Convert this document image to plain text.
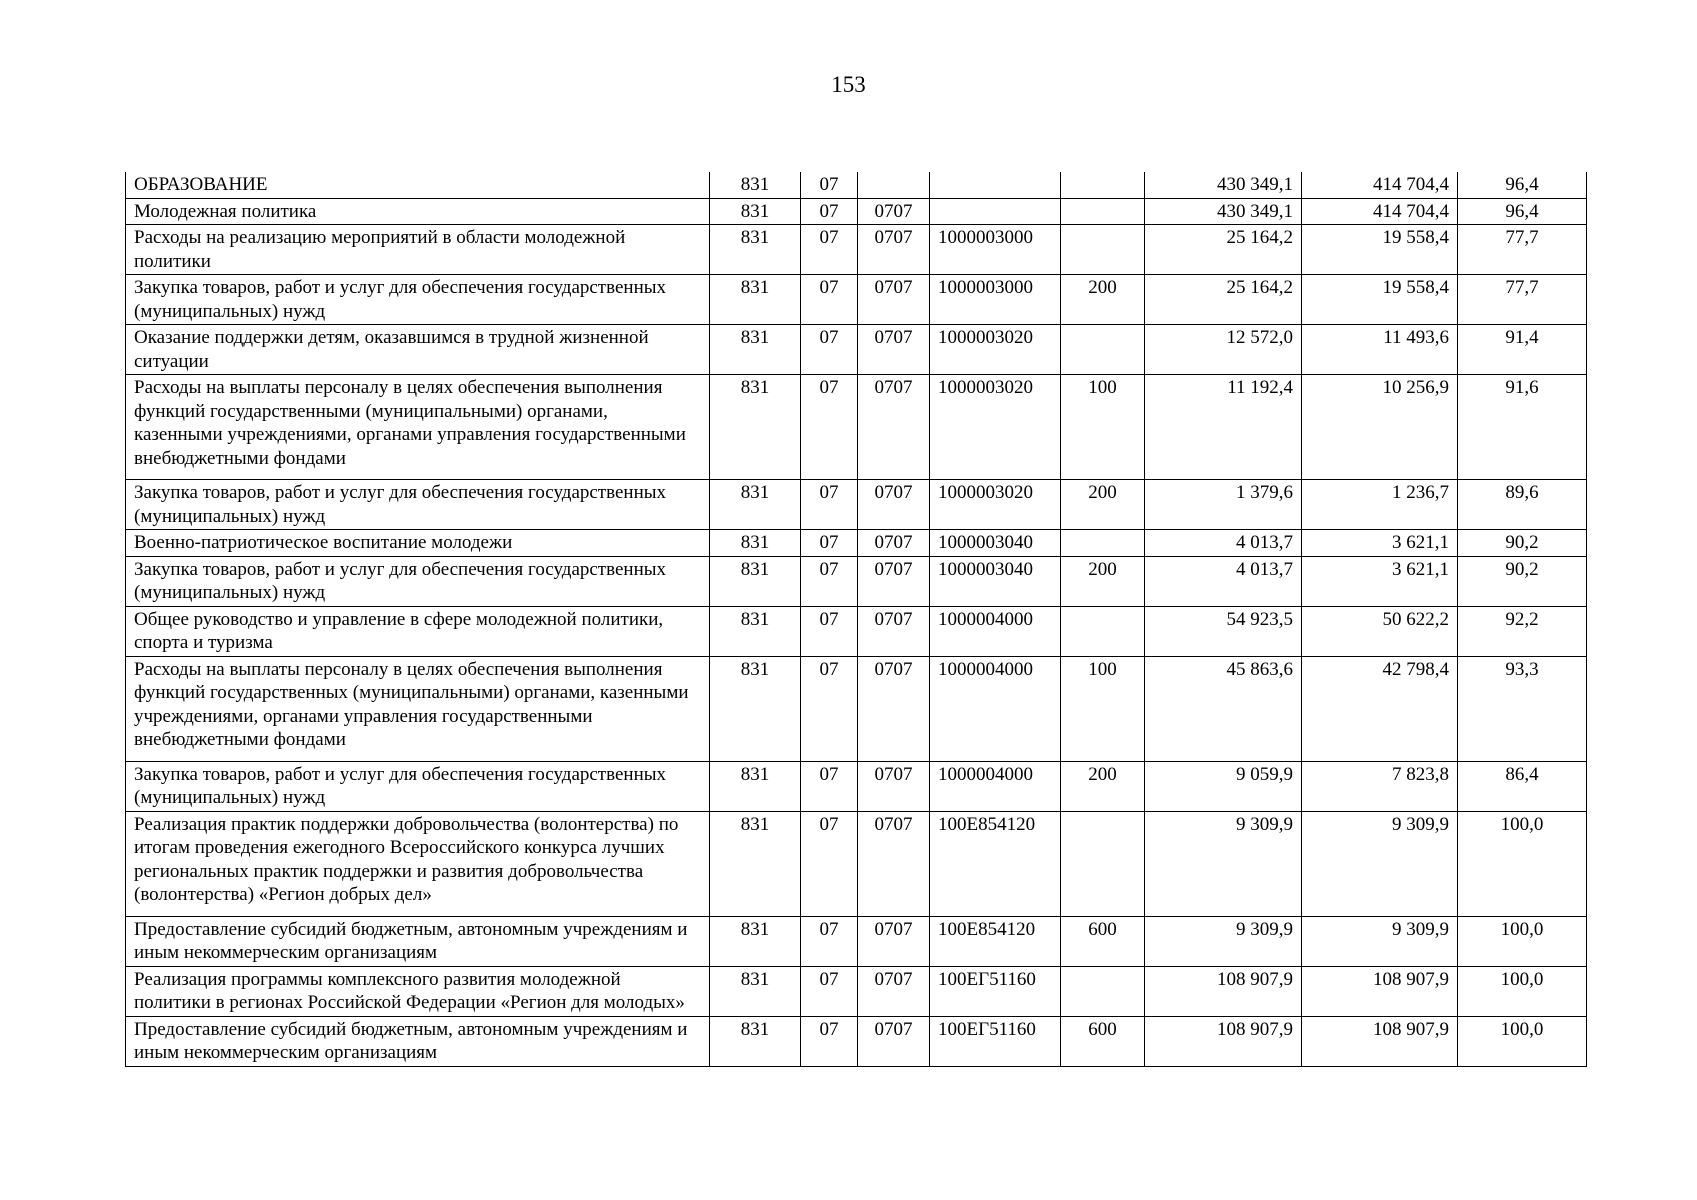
153
ОБРАЗОВАНИЕ	831	07				430 349,1	414 704,4	96,4
Молодежная политика	831	07	0707			430 349,1	414 704,4	96,4
Расходы на реализацию мероприятий в области молодежной политики	831	07	0707	1000003000		25 164,2	19 558,4	77,7
Закупка товаров, работ и услуг для обеспечения государственных (муниципальных) нужд	831	07	0707	1000003000	200	25 164,2	19 558,4	77,7
Оказание поддержки детям, оказавшимся в трудной жизненной ситуации	831	07	0707	1000003020		12 572,0	11 493,6	91,4
Расходы на выплаты персоналу в целях обеспечения выполнения функций государственными (муниципальными) органами, казенными учреждениями, органами управления государственными внебюджетными фондами	831	07	0707	1000003020	100	11 192,4	10 256,9	91,6
Закупка товаров, работ и услуг для обеспечения государственных (муниципальных) нужд	831	07	0707	1000003020	200	1 379,6	1 236,7	89,6
Военно-патриотическое воспитание молодежи	831	07	0707	1000003040		4 013,7	3 621,1	90,2
Закупка товаров, работ и услуг для обеспечения государственных (муниципальных) нужд	831	07	0707	1000003040	200	4 013,7	3 621,1	90,2
Общее руководство и управление в сфере молодежной политики, спорта и туризма	831	07	0707	1000004000		54 923,5	50 622,2	92,2
Расходы на выплаты персоналу в целях обеспечения выполнения функций государственных (муниципальными) органами, казенными учреждениями, органами управления государственными внебюджетными фондами	831	07	0707	1000004000	100	45 863,6	42 798,4	93,3
Закупка товаров, работ и услуг для обеспечения государственных (муниципальных) нужд	831	07	0707	1000004000	200	9 059,9	7 823,8	86,4
Реализация практик поддержки добровольчества (волонтерства) по итогам проведения ежегодного Всероссийского конкурса лучших региональных практик поддержки и развития добровольчества (волонтерства) «Регион добрых дел»	831	07	0707	100E854120		9 309,9	9 309,9	100,0
Предоставление субсидий бюджетным, автономным учреждениям и иным некоммерческим организациям	831	07	0707	100E854120	600	9 309,9	9 309,9	100,0
Реализация программы комплексного развития молодежной политики в регионах Российской Федерации «Регион для молодых»	831	07	0707	100ЕГ51160		108 907,9	108 907,9	100,0
Предоставление субсидий бюджетным, автономным учреждениям и иным некоммерческим организациям	831	07	0707	100ЕГ51160	600	108 907,9	108 907,9	100,0
